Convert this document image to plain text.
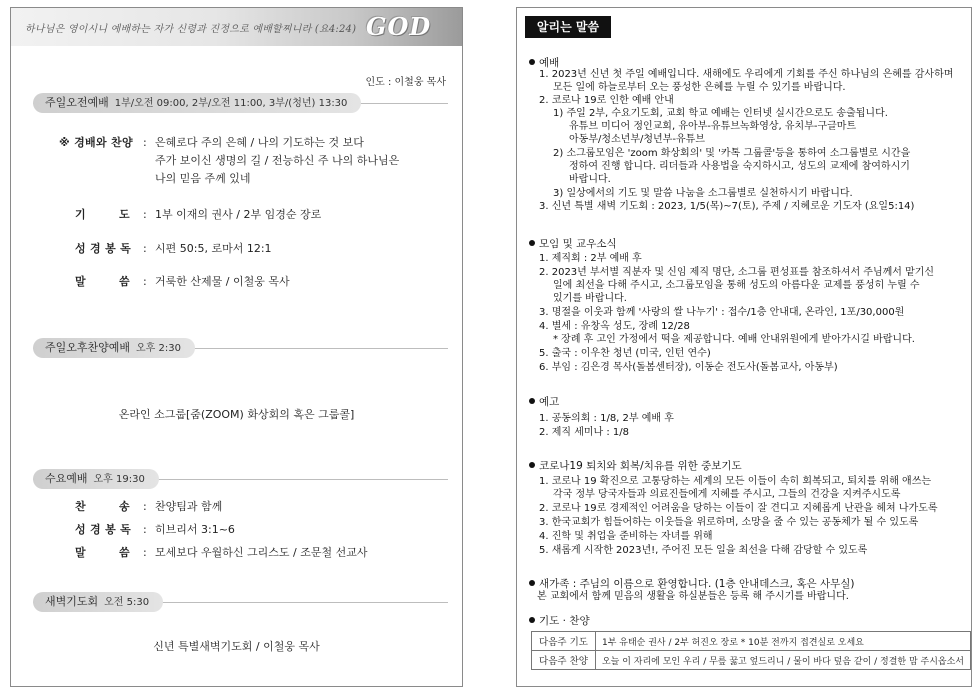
하나님은 영이시니 예배하는 자가 신령과 진정으로 예배할찌니라 (요4:24) GOD
인도 : 이철웅 목사
주일오전예배 1부/오전 09:00, 2부/오전 11:00, 3부/(청년) 13:30
※ 경배와 찬양 : 은혜로다 주의 은혜 / 나의 기도하는 것 보다
주가 보이신 생명의 길 / 전능하신 주 나의 하나님은
나의 믿음 주께 있네
기        도	: 1부 이재의 권사 / 2부 임경순 장로
성 경 봉 독	: 시편 50:5, 로마서 12:1
말        씀	: 거룩한 산제물 / 이철웅 목사
주일오후찬양예배 오후 2:30
온라인 소그룹[줌(ZOOM) 화상회의 혹은 그룹콜]
수요예배 오후 19:30
찬        송	: 찬양팀과 함께
성 경 봉 독	: 히브리서 3:1~6
말        씀	: 모세보다 우월하신 그리스도 / 조문철 선교사
새벽기도회 오전 5:30
신년 특별새벽기도회 / 이철웅 목사
알리는 말씀
예배
1. 2023년 신년 첫 주일 예배입니다. 새해에도 우리에게 기회를 주신 하나님의 은혜를 감사하며
모든 일에 하늘로부터 오는 풍성한 은혜를 누릴 수 있기를 바랍니다.
2. 코로나 19로 인한 예배 안내
1) 주일 2부, 수요기도회, 교회 학교 예배는 인터넷 실시간으로도 송출됩니다.
유튜브 미디어 정인교회, 유아부-유튜브녹화영상, 유치부-구글마트
아동부/청소년부/청년부-유튜브
2) 소그룹모임은 'zoom 화상회의' 및 '카톡 그룹콜'등을 통하여 소그룹별로 시간을
정하여 진행 합니다. 리더들과 사용법을 숙지하시고, 성도의 교제에 참여하시기
바랍니다.
3) 일상에서의 기도 및 말씀 나눔을 소그룹별로 실천하시기 바랍니다.
3. 신년 특별 새벽 기도회 : 2023, 1/5(목)~7(토), 주제 / 지혜로운 기도자 (요일5:14)
모임 및 교우소식
1. 제직회 : 2부 예배 후
2. 2023년 부서별 직분자 및 신임 제직 명단, 소그룹 편성표를 참조하셔서 주님께서 맡기신
일에 최선을 다해 주시고, 소그룹모임을 통해 성도의 아름다운 교제를 풍성히 누릴 수
있기를 바랍니다.
3. 명절을 이웃과 함께 '사랑의 쌀 나누기' : 접수/1층 안내대, 온라인, 1포/30,000원
4. 별세 : 유창옥 성도, 장례 12/28
* 장례 후 고인 가정에서 떡을 제공합니다. 예배 안내위원에게 받아가시길 바랍니다.
5. 출국 : 이우찬 청년 (미국, 인턴 연수)
6. 부임 : 김은경 목사(돌봄센터장), 이동순 전도사(돌봄교사, 아동부)
예고
1. 공동의회 : 1/8, 2부 예배 후
2. 제직 세미나 : 1/8
코로나19 퇴치와 회복/치유를 위한 중보기도
1. 코로나 19 확진으로 고통당하는 세계의 모든 이들이 속히 회복되고, 퇴치를 위해 애쓰는
각국 정부 당국자들과 의료진들에게 지혜를 주시고, 그들의 건강을 지켜주시도록
2. 코로나 19로 경제적인 어려움을 당하는 이들이 잘 견디고 지혜롭게 난관을 헤쳐 나가도록
3. 한국교회가 힘들어하는 이웃들을 위로하며, 소망을 줄 수 있는 공동체가 될 수 있도록
4. 진학 및 취업을 준비하는 자녀를 위해
5. 새롭게 시작한 2023년!, 주어진 모든 일을 최선을 다해 감당할 수 있도록
새가족 : 주님의 이름으로 환영합니다. (1층 안내데스크, 혹은 사무실)
본 교회에서 함께 믿음의 생활을 하실분들은 등록 해 주시기를 바랍니다.
기도 · 찬양
다음주 기도	1부 유태순 권사 / 2부 허진오 장로 * 10분 전까지 접견실로 오세요
다음주 찬양	오늘 이 자리에 모인 우리 / 무릎 꿇고 엎드리니 / 물이 바다 덮음 같이 / 정결한 맘 주시옵소서
